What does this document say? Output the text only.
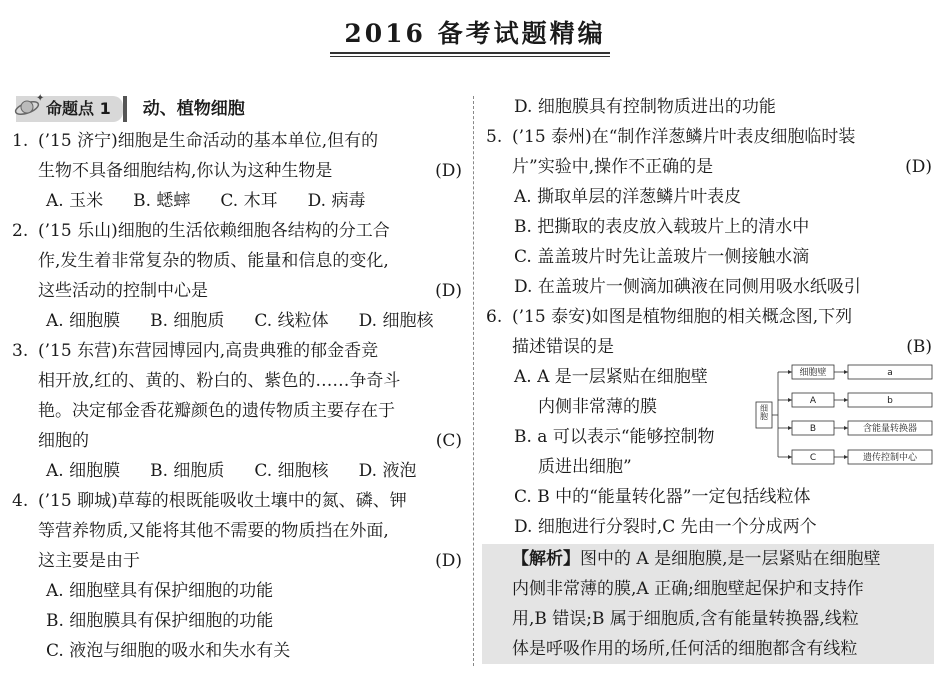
2016 备考试题精编
✦
命题点 1 动、植物细胞
1. (’15 济宁)细胞是生命活动的基本单位,但有的
生物不具备细胞结构,你认为这种生物是	(D)
A. 玉米 B. 蟋蟀 C. 木耳 D. 病毒
2. (’15 乐山)细胞的生活依赖细胞各结构的分工合
作,发生着非常复杂的物质、能量和信息的变化,
这些活动的控制中心是	(D)
A. 细胞膜 B. 细胞质 C. 线粒体 D. 细胞核
3. (’15 东营)东营园博园内,高贵典雅的郁金香竞
相开放,红的、黄的、粉白的、紫色的……争奇斗
艳。决定郁金香花瓣颜色的遗传物质主要存在于
细胞的	(C)
A. 细胞膜 B. 细胞质 C. 细胞核 D. 液泡
4. (’15 聊城)草莓的根既能吸收土壤中的氮、磷、钾
等营养物质,又能将其他不需要的物质挡在外面,
这主要是由于	(D)
A. 细胞壁具有保护细胞的功能
B. 细胞膜具有保护细胞的功能
C. 液泡与细胞的吸水和失水有关
D. 细胞膜具有控制物质进出的功能
5. (’15 泰州)在“制作洋葱鳞片叶表皮细胞临时装
片”实验中,操作不正确的是	(D)
A. 撕取单层的洋葱鳞片叶表皮
B. 把撕取的表皮放入载玻片上的清水中
C. 盖盖玻片时先让盖玻片一侧接触水滴
D. 在盖玻片一侧滴加碘液在同侧用吸水纸吸引
6. (’15 泰安)如图是植物细胞的相关概念图,下列
描述错误的是	(B)
A. A 是一层紧贴在细胞壁
内侧非常薄的膜
B. a 可以表示“能够控制物
质进出细胞”
C. B 中的“能量转化器”一定包括线粒体
D. 细胞进行分裂时,C 先由一个分成两个
【解析】图中的 A 是细胞膜,是一层紧贴在细胞壁
内侧非常薄的膜,A 正确;细胞壁起保护和支持作
用,B 错误;B 属于细胞质,含有能量转换器,线粒
体是呼吸作用的场所,任何活的细胞都含有线粒
细胞
细胞壁
A
B
C
a
b
含能量转换器
遗传控制中心
